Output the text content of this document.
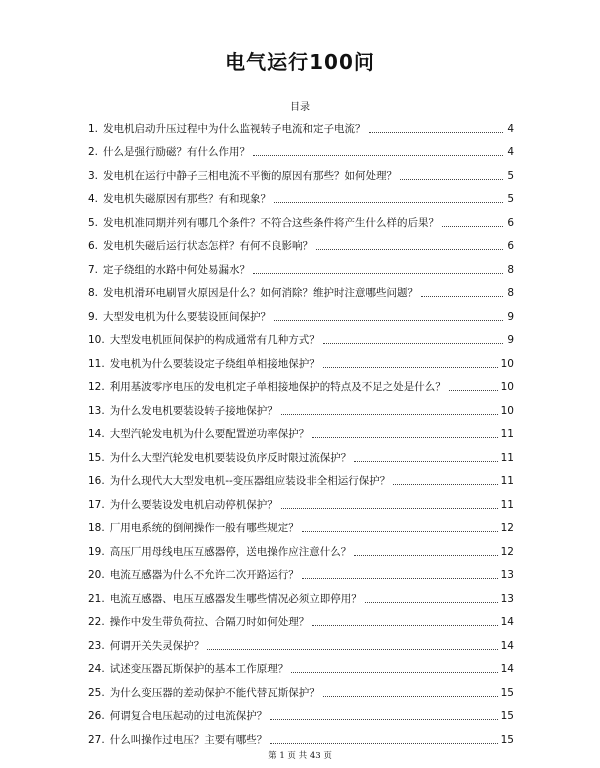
电气运行100问
目录
1. 发电机启动升压过程中为什么监视转子电流和定子电流？	4
2. 什么是强行励磁？有什么作用？	4
3. 发电机在运行中静子三相电流不平衡的原因有那些？如何处理？	5
4. 发电机失磁原因有那些？有和现象？	5
5. 发电机准同期并列有哪几个条件？不符合这些条件将产生什么样的后果？	6
6. 发电机失磁后运行状态怎样？有何不良影响？	6
7. 定子绕组的水路中何处易漏水？	8
8. 发电机滑环电刷冒火原因是什么？如何消除？维护时注意哪些问题？	8
9. 大型发电机为什么要装设匝间保护？	9
10. 大型发电机匝间保护的构成通常有几种方式？	9
11. 发电机为什么要装设定子绕组单相接地保护？	10
12. 利用基波零序电压的发电机定子单相接地保护的特点及不足之处是什么？	10
13. 为什么发电机要装设转子接地保护？	10
14. 大型汽轮发电机为什么要配置逆功率保护？	11
15. 为什么大型汽轮发电机要装设负序反时限过流保护？	11
16. 为什么现代大大型发电机--变压器组应装设非全相运行保护？	11
17. 为什么要装设发电机启动停机保护？	11
18. 厂用电系统的倒闸操作一般有哪些规定？	12
19. 高压厂用母线电压互感器停，送电操作应注意什么？	12
20. 电流互感器为什么不允许二次开路运行？	13
21. 电流互感器、电压互感器发生哪些情况必须立即停用？	13
22. 操作中发生带负荷拉、合隔刀时如何处理？	14
23. 何谓开关失灵保护？	14
24. 试述变压器瓦斯保护的基本工作原理？	14
25. 为什么变压器的差动保护不能代替瓦斯保护？	15
26. 何谓复合电压起动的过电流保护？	15
27. 什么叫操作过电压？主要有哪些？	15
第 1 页 共 43 页
